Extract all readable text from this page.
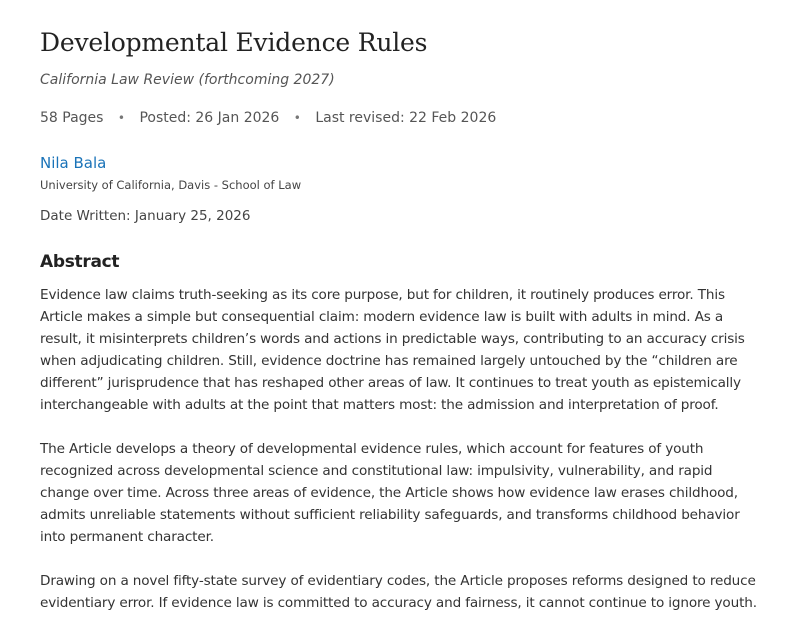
Developmental Evidence Rules
California Law Review (forthcoming 2027)
58 Pages • Posted: 26 Jan 2026 • Last revised: 22 Feb 2026
Nila Bala
University of California, Davis - School of Law
Date Written: January 25, 2026
Abstract

Evidence law claims truth-seeking as its core purpose, but for children, it routinely produces error. This Article makes a simple but consequential claim: modern evidence law is built with adults in mind. As a result, it misinterprets children’s words and actions in predictable ways, contributing to an accuracy crisis when adjudicating children. Still, evidence doctrine has remained largely untouched by the “children are different” jurisprudence that has reshaped other areas of law. It continues to treat youth as epistemically interchangeable with adults at the point that matters most: the admission and interpretation of proof.

The Article develops a theory of developmental evidence rules, which account for features of youth recognized across developmental science and constitutional law: impulsivity, vulnerability, and rapid change over time. Across three areas of evidence, the Article shows how evidence law erases childhood, admits unreliable statements without sufficient reliability safeguards, and transforms childhood behavior into permanent character.

Drawing on a novel fifty-state survey of evidentiary codes, the Article proposes reforms designed to reduce evidentiary error. If evidence law is committed to accuracy and fairness, it cannot continue to ignore youth.
